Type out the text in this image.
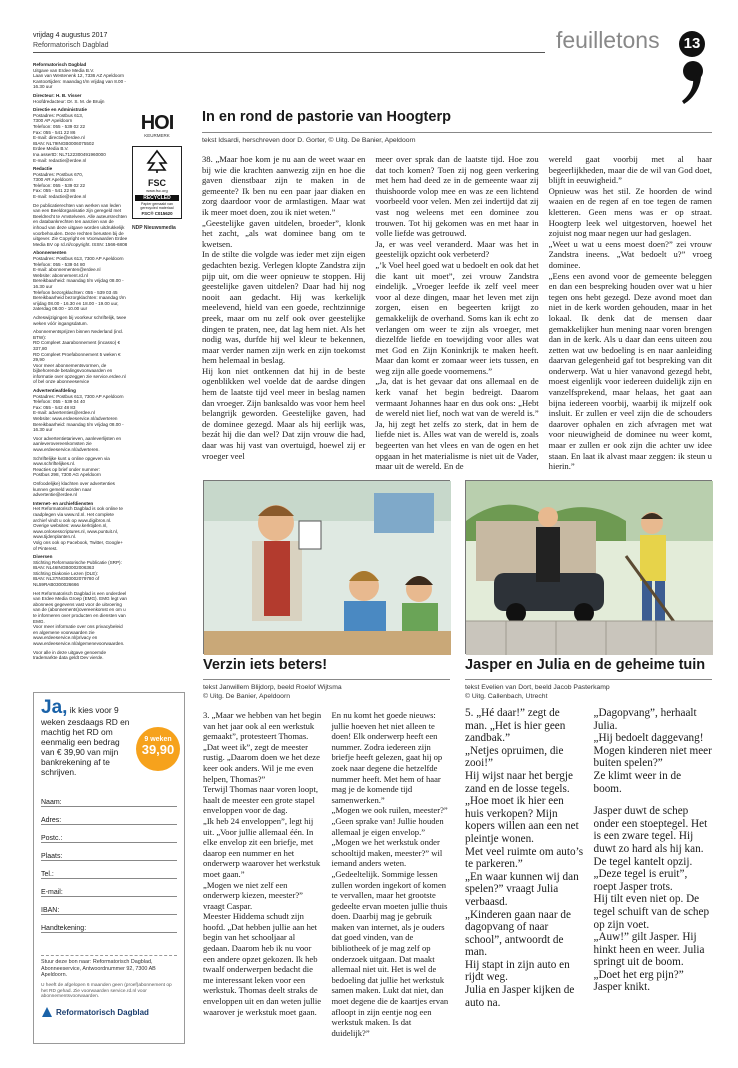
vrijdag 4 augustus 2017
Reformatorisch Dagblad	feuilletons	13
Reformatorisch Dagblad
Uitgave van Erdee Media B.V.
Laan van Westenenk 12, 7336 AZ Apeldoorn
Kantoortijden: maandag t/m vrijdag van 8.00 - 16.30 uur

Directeur: H. B. Visser
Hoofdredacteur: Dr. S. M. de Bruijn

Directie en Administratie
Postadres: Postbus 613,
7300 AP Apeldoorn
Telefoon: 055 - 539 02 22
Fax: 055 - 541 22 86
E-mail: directie@erdee.nl
IBAN: NL79INGB0006075502
Erdee Media B.V.
Ina assertD: NL7122300491960000
E-mail: redactie@erdee.nl

Redactie
Postadres: Postbus 670,
7300 AR Apeldoorn
Telefoon: 055 - 539 02 22
Fax: 055 - 541 22 86
E-mail: redactie@erdee.nl

De publicatierechten van werken van leden van een Beeldorganisatie zijn geregeld met Beeldrecht te Amstelveen. Alle auteursrechten en databankrechten ten aanzien van de inhoud van deze uitgave worden uitdrukkelijk voorbehouden. Deze rechten berusten bij de uitgever. Zie Copyright en Voorwaarden Erdee Media BV op rd.nl/copyright. ISSN: 1566-6808

Abonnementen
Postadres: Postbus 613, 7300 AP Apeldoorn
Telefoon: 055 - 539 04 80
E-mail: abonnementen@erdee.nl
Website: abonnement.rd.nl
Bereikbaarheid: maandag t/m vrijdag 08.00 - 16.30 uur
Telefoon bezorgklachten: 055 - 539 03 45
Bereikbaarheid bezorgklachten: maandag t/m vrijdag 08.00 - 16.30 en 18.00 - 19.00 uur, zaterdag 08.00 - 10.00 uur

Adreswijzigingen bij voorkeur schriftelijk, twee weken vóór ingangsdatum.

Abonnementsprijzen binnen Nederland (incl. BTW):
RD Compleet Jaarabonnement (incasso) € 337,80
RD Compleet Proefabonnement 5 weken € 29,90
Voor meer abonnementsvormen, de bijbehorende betalingsvoorwaarden en informatie over opzeggen zie service.erdee.nl of bel onze abonneeservice

Advertentieafdeling
Postadres: Postbus 613, 7300 AP Apeldoorn
Telefoon: 055 - 539 04 40
Fax: 055 - 542 48 83
E-mail: advertenties@erdee.nl
Website: www.erdeeservice.nl/adverteren
Bereikbaarheid: maandag t/m vrijdag 08.00 - 16.30 uur

Voor advertentietarieven, aanleverlijsten en aanleverovereenkomsten zie www.erdeeservice.nl/adverteren.

Schriftelijke kunt u online opgeven via www.schriftelijkes.nl.
Reacties op brief onder nummer:
Postbus 298, 7300 AG Apeldoorn

Onfoodelijke) klachten over advertenties kunnen gemeld worden naar advertentie@erdee.nl

Internet- en archiefdiensten
Het Reformatorisch Dagblad is ook online te raadplegen via www.rd.nl. Het complete archief vindt u ook op www.digibron.nl.
Overige websites: www.kerktijden.nl,
www.onlosesscriptures.nl, www.puntuit.nl,
www.tijdenplanten.nl.
Volg ons ook op Facebook, Twitter, Google+ of Pinterest.

Diversen
Stichting Reformatorische Publicatie (SRP):
IBAN: NL46INGB0002006363
Stichting Diakonie Lezen (DLE):
IBAN: NL37INGB0002079780 of NL59RAB0300026666

Het Reformatorisch Dagblad is een onderdeel van Erdee Media Groep (EMG). EMG legt van abonnees gegevens vast voor de uitvoering van de (abonnements)overeenkomst en om u te informeren over producten en diensten van EMG.
Voor meer informatie over ons privacybeleid en algemene voorwaarden zie www.erdeeservice.nl/privacy en www.erdeeservice.nl/algemenevoorwaarden.

Voor alle in deze uitgave genoemde trademarkte data geldt Dev vierde.

HOI
KEURMERK
FSC
www.fsc.org
RECYCLED
Papier gemaakt van gerecycled materiaal
FSC® C015620
NDP Nieuwsmedia
Ja, ik kies voor 9 weken zesdaags RD en machtig het RD om eenmalig een bedrag van € 39,90 van mijn bankrekening af te schrijven.
9 weken
39,90
Naam:
Adres:
Postc.:
Plaats:
Tel.:
E-mail:
IBAN:
Handtekening:
Stuur deze bon naar: Reformatorisch Dagblad, Abonneeservice, Antwoordnummer 92, 7300 AB Apeldoorn.
U heeft de afgelopen 6 maanden geen (proef)abonnement op het RD gehad. Zie voorwaarden service.rd.nl voor abonnementsvoorwaarden.
Reformatorisch Dagblad
In en rond de pastorie van Hoogterp
tekst Idsardi, herschreven door D. Gorter, © Uitg. De Banier, Apeldoorn

38. „Maar hoe kom je nu aan de weet waar en bij wie die krachten aanwezig zijn en hoe die gaven dienstbaar zijn te maken in de gemeente? Ik ben nu een paar jaar diaken en zorg daardoor voor de armlastigen. Maar wat ik meer moet doen, zou ik niet weten.”

„Geestelijke gaven uitdelen, broeder”, klonk het zacht, „als wat dominee bang om te kwetsen.

In de stilte die volgde was ieder met zijn eigen gedachten bezig. Verlegen klopte Zandstra zijn pijp uit, om die weer opnieuw te stoppen. Hij geestelijke gaven uitdelen? Daar had hij nog nooit aan gedacht. Hij was kerkelijk meelevend, hield van een goede, rechtzinnige preek, maar om nu zelf ook over geestelijke dingen te praten, nee, dat lag hem niet. Als het nodig was, durfde hij wel kleur te bekennen, maar verder namen zijn werk en zijn toekomst hem helemaal in beslag.

Hij kon niet ontkennen dat hij in de beste ogenblikken wel voelde dat de aardse dingen hem de laatste tijd veel meer in beslag namen dan vroeger. Zijn banksaldo was voor hem heel belangrijk geworden. Geestelijke gaven, had de dominee gezegd. Maar als hij eerlijk was, bezát hij die dan wel? Dat zijn vrouw die had, daar was hij vast van overtuigd, hoewel zij er vroeger veel

meer over sprak dan de laatste tijd. Hoe zou dat toch komen? Toen zij nog geen verkering met hem had deed ze in de gemeente waar zij thuishoorde volop mee en was ze een lichtend voorbeeld voor velen. Men zei indertijd dat zij vast nog weleens met een dominee zou trouwen. Tot hij gekomen was en met haar in volle liefde was getrouwd.

Ja, er was veel veranderd. Maar was het in geestelijk opzicht ook verbeterd?

„’k Voel heel goed wat u bedoelt en ook dat het die kant uit moet”, zei vrouw Zandstra eindelijk. „Vroeger leefde ik zelf veel meer voor al deze dingen, maar het leven met zijn zorgen, eisen en begeerten krijgt zo gemakkelijk de overhand. Soms kan ik echt zo verlangen om weer te zijn als vroeger, met diezelfde liefde en toewijding voor alles wat met God en Zijn Koninkrijk te maken heeft. Maar dan komt er zomaar weer iets tussen, en weg zijn alle goede voornemens.”

„Ja, dat is het gevaar dat ons allemaal en de kerk vanaf het begin bedreigt. Daarom vermaant Johannes haar en dus ook ons: „Hebt de wereld niet lief, noch wat van de wereld is.” Ja, hij zegt het zelfs zo sterk, dat in hem de liefde niet is. Alles wat van de wereld is, zoals begeerten van het vlees en van de ogen en het opgaan in het materialisme is niet uit de Vader, maar uit de wereld. En de

wereld gaat voorbij met al haar begeerlijkheden, maar die de wil van God doet, blijft in eeuwigheid.”

Opnieuw was het stil. Ze hoorden de wind waaien en de regen af en toe tegen de ramen kletteren. Geen mens was er op straat. Hoogterp leek wel uitgestorven, hoewel het zojuist nog maar negen uur had geslagen.

„Weet u wat u eens moest doen?” zei vrouw Zandstra ineens. „Wat bedoelt u?” vroeg dominee.

„Eens een avond voor de gemeente beleggen en dan een bespreking houden over wat u hier tegen ons hebt gezegd. Deze avond moet dan niet in de kerk worden gehouden, maar in het lokaal. Ik denk dat de mensen daar gemakkelijker hun mening naar voren brengen dan in de kerk. Als u daar dan eens uiteen zou zetten wat uw bedoeling is en naar aanleiding daarvan gelegenheid gaf tot bespreking van dit onderwerp. Wat u hier vanavond gezegd hebt, moest eigenlijk voor iedereen duidelijk zijn en vanzelfsprekend, maar helaas, het gaat aan bijna iedereen voorbij, waarbij ik mijzelf ook insluit. Er zullen er veel zijn die de schouders daarover ophalen en zich afvragen met wat voor nieuwigheid de dominee nu weer komt, maar er zullen er ook zijn die achter uw idee staan. En laat ik alvast maar zeggen: ik steun u hierin.”

Verzin iets beters!
tekst Janwillem Blijdorp, beeld Roelof Wijtsma
© Uitg. De Banier, Apeldoorn

3. „Maar we hebben van het begin van het jaar ook al een werkstuk gemaakt”, protesteert Thomas.

„Dat weet ik”, zegt de meester rustig. „Daarom doen we het deze keer ook anders. Wil je me even helpen, Thomas?”

Terwijl Thomas naar voren loopt, haalt de meester een grote stapel enveloppen voor de dag.

„Ik heb 24 enveloppen”, legt hij uit. „Voor jullie allemaal één. In elke envelop zit een briefje, met daarop een nummer en het onderwerp waarover het werkstuk moet gaan.”

„Mogen we niet zelf een onderwerp kiezen, meester?” vraagt Caspar.

Meester Hiddema schudt zijn hoofd. „Dat hebben jullie aan het begin van het schooljaar al gedaan. Daarom heb ik nu voor een andere opzet gekozen. Ik heb twaalf onderwerpen bedacht die me interessant leken voor een werkstuk. Thomas deelt straks de enveloppen uit en dan weten jullie waarover je werkstuk moet gaan.

En nu komt het goede nieuws: jullie hoeven het niet alleen te doen! Elk onderwerp heeft een nummer. Zodra iedereen zijn briefje heeft gelezen, gaat hij op zoek naar degene die hetzelfde nummer heeft. Met hem of haar mag je de komende tijd samenwerken.”

„Mogen we ook ruilen, meester?”

„Geen sprake van! Jullie houden allemaal je eigen envelop.”

„Mogen we het werkstuk onder schooltijd maken, meester?” wil iemand anders weten.

„Gedeeltelijk. Sommige lessen zullen worden ingekort of komen te vervallen, maar het grootste gedeelte ervan moeten jullie thuis doen. Daarbij mag je gebruik maken van internet, als je ouders dat goed vinden, van de bibliotheek of je mag zelf op onderzoek uitgaan. Dat maakt allemaal niet uit. Het is wel de bedoeling dat jullie het werkstuk samen maken. Lukt dat niet, dan moet degene die de kaartjes ervan afloopt in zijn eentje nog een werkstuk maken. Is dat duidelijk?”

Jasper en Julia en de geheime tuin
tekst Evelien van Dort, beeld Jacob Pasterkamp
© Uitg. Callenbach, Utrecht

5. „Hé daar!” zegt de man. „Het is hier geen zandbak.”

„Netjes opruimen, die zooi!”

Hij wijst naar het bergje zand en de losse tegels.

„Hoe moet ik hier een huis verkopen? Mijn kopers willen aan een net pleintje wonen.

Met veel ruimte om auto’s te parkeren.”

„En waar kunnen wij dan spelen?” vraagt Julia verbaasd.

„Kinderen gaan naar de dagopvang of naar school”, antwoordt de man.

Hij stapt in zijn auto en rijdt weg.

Julia en Jasper kijken de auto na.

„Dagopvang”, herhaalt Julia.

„Hij bedoelt daggevang!

Mogen kinderen niet meer buiten spelen?”

Ze klimt weer in de boom.

Jasper duwt de schep onder een stoeptegel. Het is een zware tegel. Hij duwt zo hard als hij kan.

De tegel kantelt opzij.

„Deze tegel is eruit”, roept Jasper trots.

Hij tilt even niet op. De tegel schuift van de schep op zijn voet.

„Auw!” gilt Jasper. Hij hinkt heen en weer. Julia springt uit de boom.

„Doet het erg pijn?” Jasper knikt.
